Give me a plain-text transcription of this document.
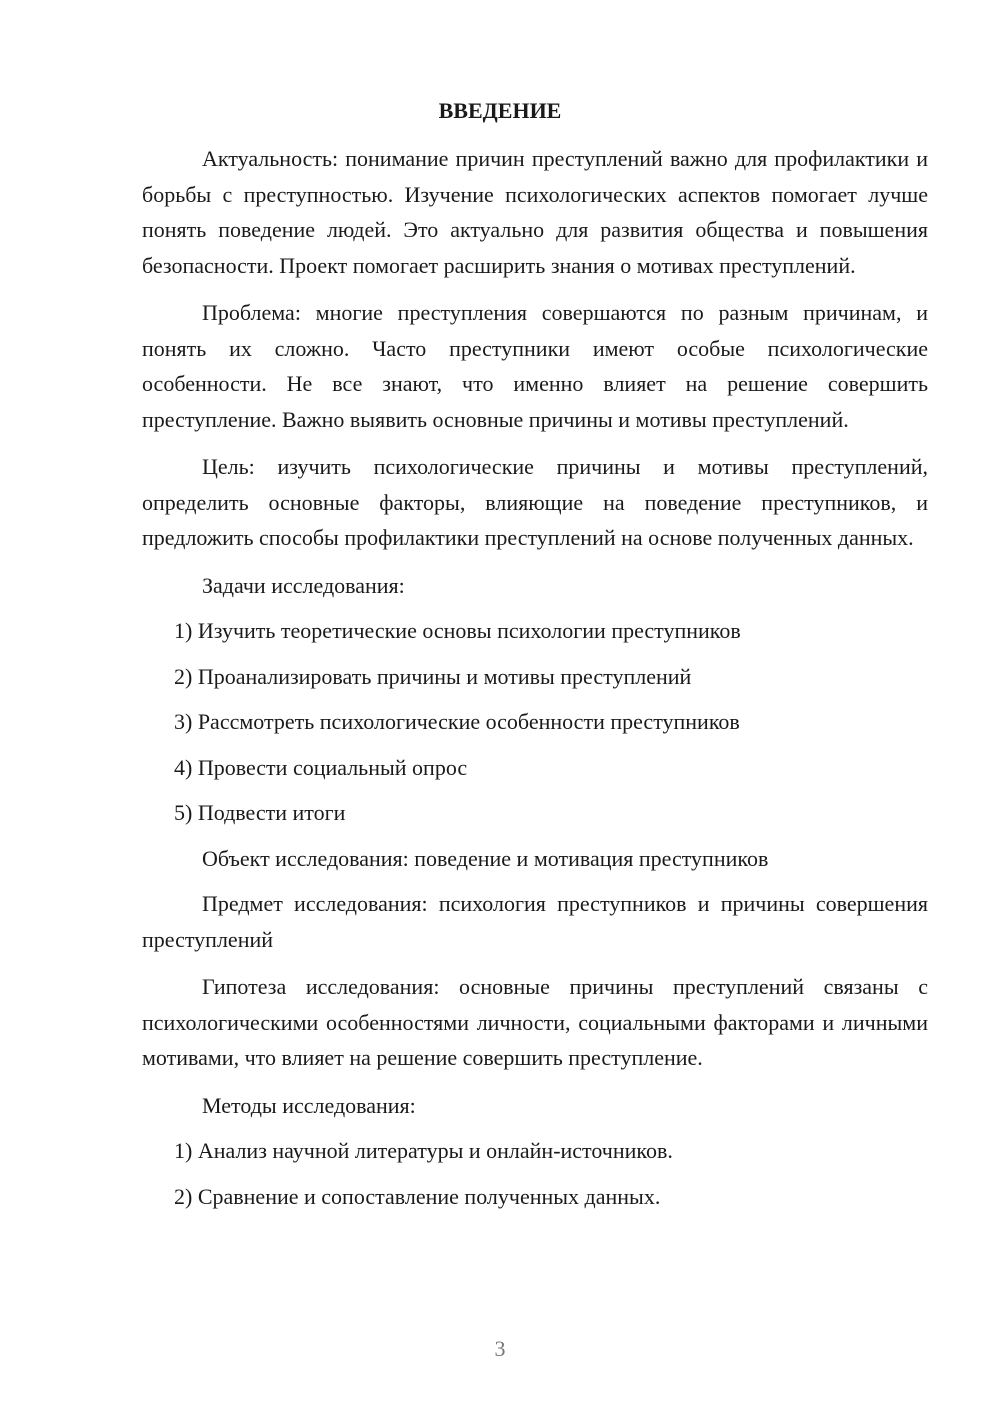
ВВЕДЕНИЕ

Актуальность: понимание причин преступлений важно для профилактики и борьбы с преступностью. Изучение психологических аспектов помогает лучше понять поведение людей. Это актуально для развития общества и повышения безопасности. Проект помогает расширить знания о мотивах преступлений.

Проблема: многие преступления совершаются по разным причинам, и понять их сложно. Часто преступники имеют особые психологические особенности. Не все знают, что именно влияет на решение совершить преступление. Важно выявить основные причины и мотивы преступлений.

Цель: изучить психологические причины и мотивы преступлений, определить основные факторы, влияющие на поведение преступников, и предложить способы профилактики преступлений на основе полученных данных.

Задачи исследования:

1) Изучить теоретические основы психологии преступников

2) Проанализировать причины и мотивы преступлений

3) Рассмотреть психологические особенности преступников

4) Провести социальный опрос

5) Подвести итоги

Объект исследования: поведение и мотивация преступников

Предмет исследования: психология преступников и причины совершения преступлений

Гипотеза исследования: основные причины преступлений связаны с психологическими особенностями личности, социальными факторами и личными мотивами, что влияет на решение совершить преступление.

Методы исследования:

1) Анализ научной литературы и онлайн-источников.

2) Сравнение и сопоставление полученных данных.

3
